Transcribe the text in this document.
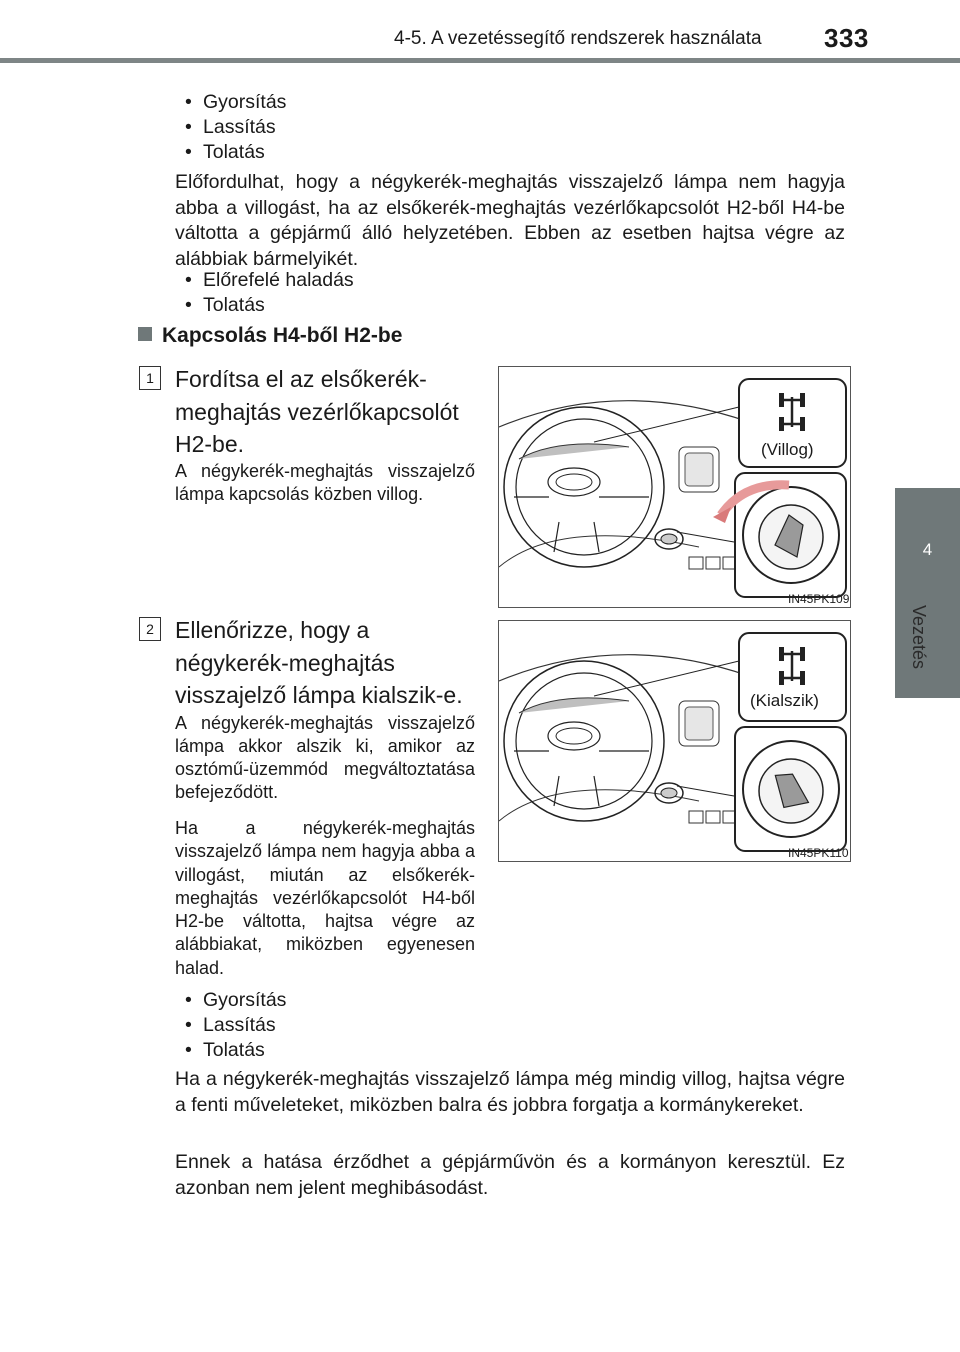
4-5. A vezetéssegítő rendszerek használata 333
4
Vezetés
• Gyorsítás
• Lassítás
• Tolatás
Előfordulhat, hogy a négykerék-meghajtás visszajelző lámpa nem hagyja abba a villogást, ha az elsőkerék-meghajtás vezérlőkapcsolót H2-ből H4-be váltotta a gépjármű álló helyzetében. Ebben az esetben hajtsa végre az alábbiak bármelyikét.
• Előrefelé haladás
• Tolatás
Kapcsolás H4-ből H2-be
1 Fordítsa el az elsőkerék-meghajtás vezérlőkapcsolót H2-be.
A négykerék-meghajtás visszajelző lámpa kapcsolás közben villog.
(Villog)
IN45PK109
2 Ellenőrizze, hogy a négykerék-meghajtás visszajelző lámpa kialszik-e.
A négykerék-meghajtás visszajelző lámpa akkor alszik ki, amikor az osztómű-üzemmód megváltoztatása befejeződött.
Ha a négykerék-meghajtás visszajelző lámpa nem hagyja abba a villogást, miután az elsőkerék-meghajtás vezérlőkapcsolót H4-ből H2-be váltotta, hajtsa végre az alábbiakat, miközben egyenesen halad.
(Kialszik)
IN45PK110
• Gyorsítás
• Lassítás
• Tolatás
Ha a négykerék-meghajtás visszajelző lámpa még mindig villog, hajtsa végre a fenti műveleteket, miközben balra és jobbra forgatja a kormánykereket.
Ennek a hatása érződhet a gépjárművön és a kormányon keresztül. Ez azonban nem jelent meghibásodást.
